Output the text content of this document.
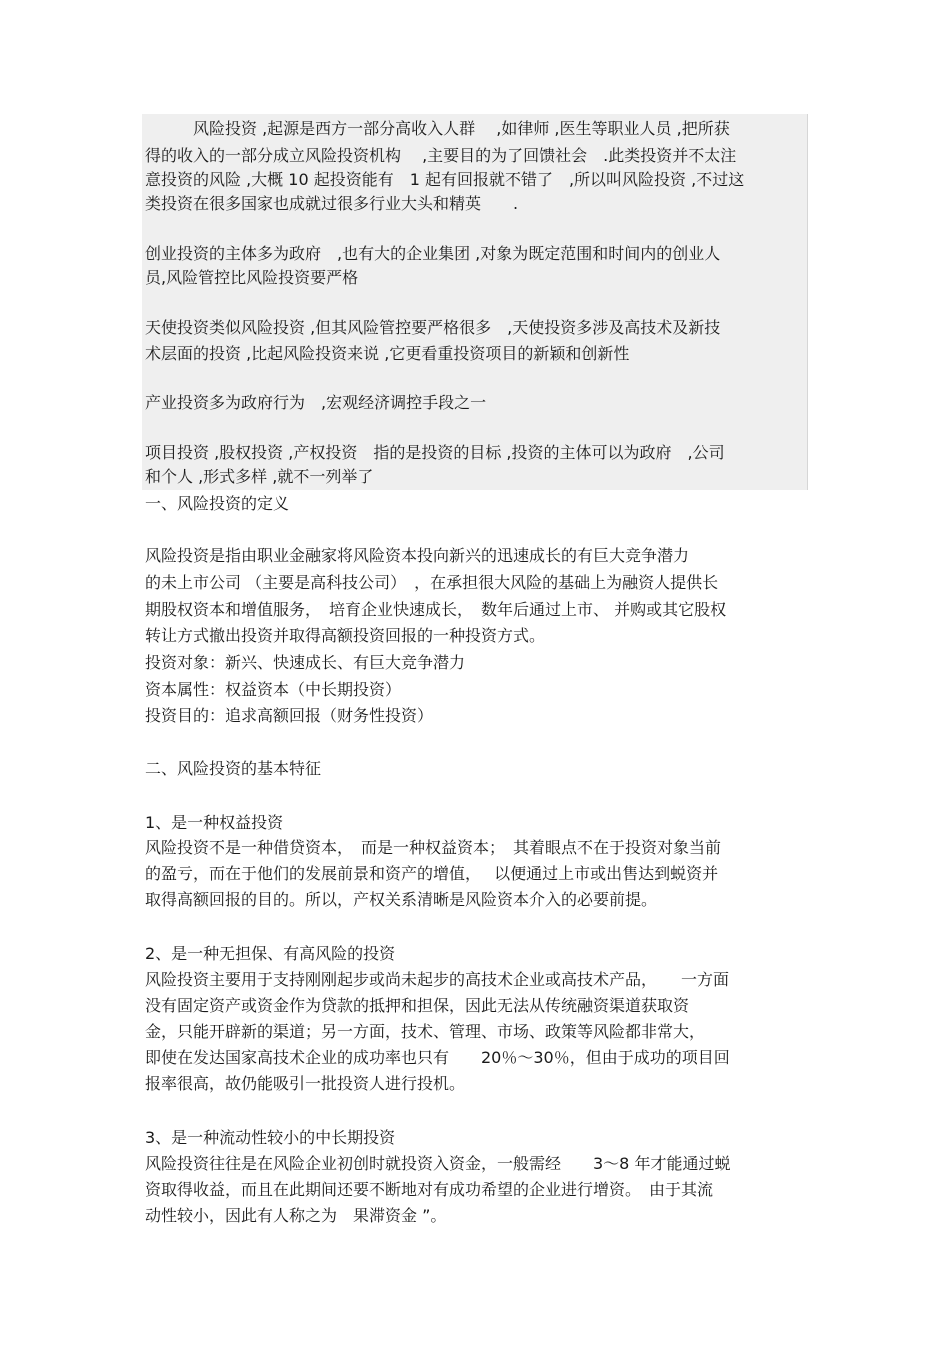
　　　风险投资 ,起源是西方一部分高收入人群　 ,如律师 ,医生等职业人员 ,把所获
得的收入的一部分成立风险投资机构　 ,主要目的为了回馈社会　.此类投资并不太注
意投资的风险 ,大概 10 起投资能有　1 起有回报就不错了　,所以叫风险投资 ,不过这
类投资在很多国家也成就过很多行业大头和精英　　.
创业投资的主体多为政府　,也有大的企业集团 ,对象为既定范围和时间内的创业人
员,风险管控比风险投资要严格
天使投资类似风险投资 ,但其风险管控要严格很多　,天使投资多涉及高技术及新技
术层面的投资 ,比起风险投资来说 ,它更看重投资项目的新颖和创新性
产业投资多为政府行为　,宏观经济调控手段之一
项目投资 ,股权投资 ,产权投资　指的是投资的目标 ,投资的主体可以为政府　,公司
和个人 ,形式多样 ,就不一列举了
一、风险投资的定义
风险投资是指由职业金融家将风险资本投向新兴的迅速成长的有巨大竞争潜力
的未上市公司 （主要是高科技公司）　，在承担很大风险的基础上为融资人提供长
期股权资本和增值服务，　培育企业快速成长，　数年后通过上市、 并购或其它股权
转让方式撤出投资并取得高额投资回报的一种投资方式。
投资对象：新兴、快速成长、有巨大竞争潜力
资本属性：权益资本（中长期投资）
投资目的：追求高额回报（财务性投资）
二、风险投资的基本特征
1、是一种权益投资
风险投资不是一种借贷资本，　而是一种权益资本；　其着眼点不在于投资对象当前
的盈亏，而在于他们的发展前景和资产的增值，　 以便通过上市或出售达到蜕资并
取得高额回报的目的。所以，产权关系清晰是风险资本介入的必要前提。
2、是一种无担保、有高风险的投资
风险投资主要用于支持刚刚起步或尚未起步的高技术企业或高技术产品，　　一方面
没有固定资产或资金作为贷款的抵押和担保，因此无法从传统融资渠道获取资
金，只能开辟新的渠道；另一方面，技术、管理、市场、政策等风险都非常大，
即使在发达国家高技术企业的成功率也只有　　20％～30％，但由于成功的项目回
报率很高，故仍能吸引一批投资人进行投机。
3、是一种流动性较小的中长期投资
风险投资往往是在风险企业初创时就投资入资金，一般需经　　3～8 年才能通过蜕
资取得收益，而且在此期间还要不断地对有成功希望的企业进行增资。　由于其流
动性较小，因此有人称之为　果滞资金 ”。
